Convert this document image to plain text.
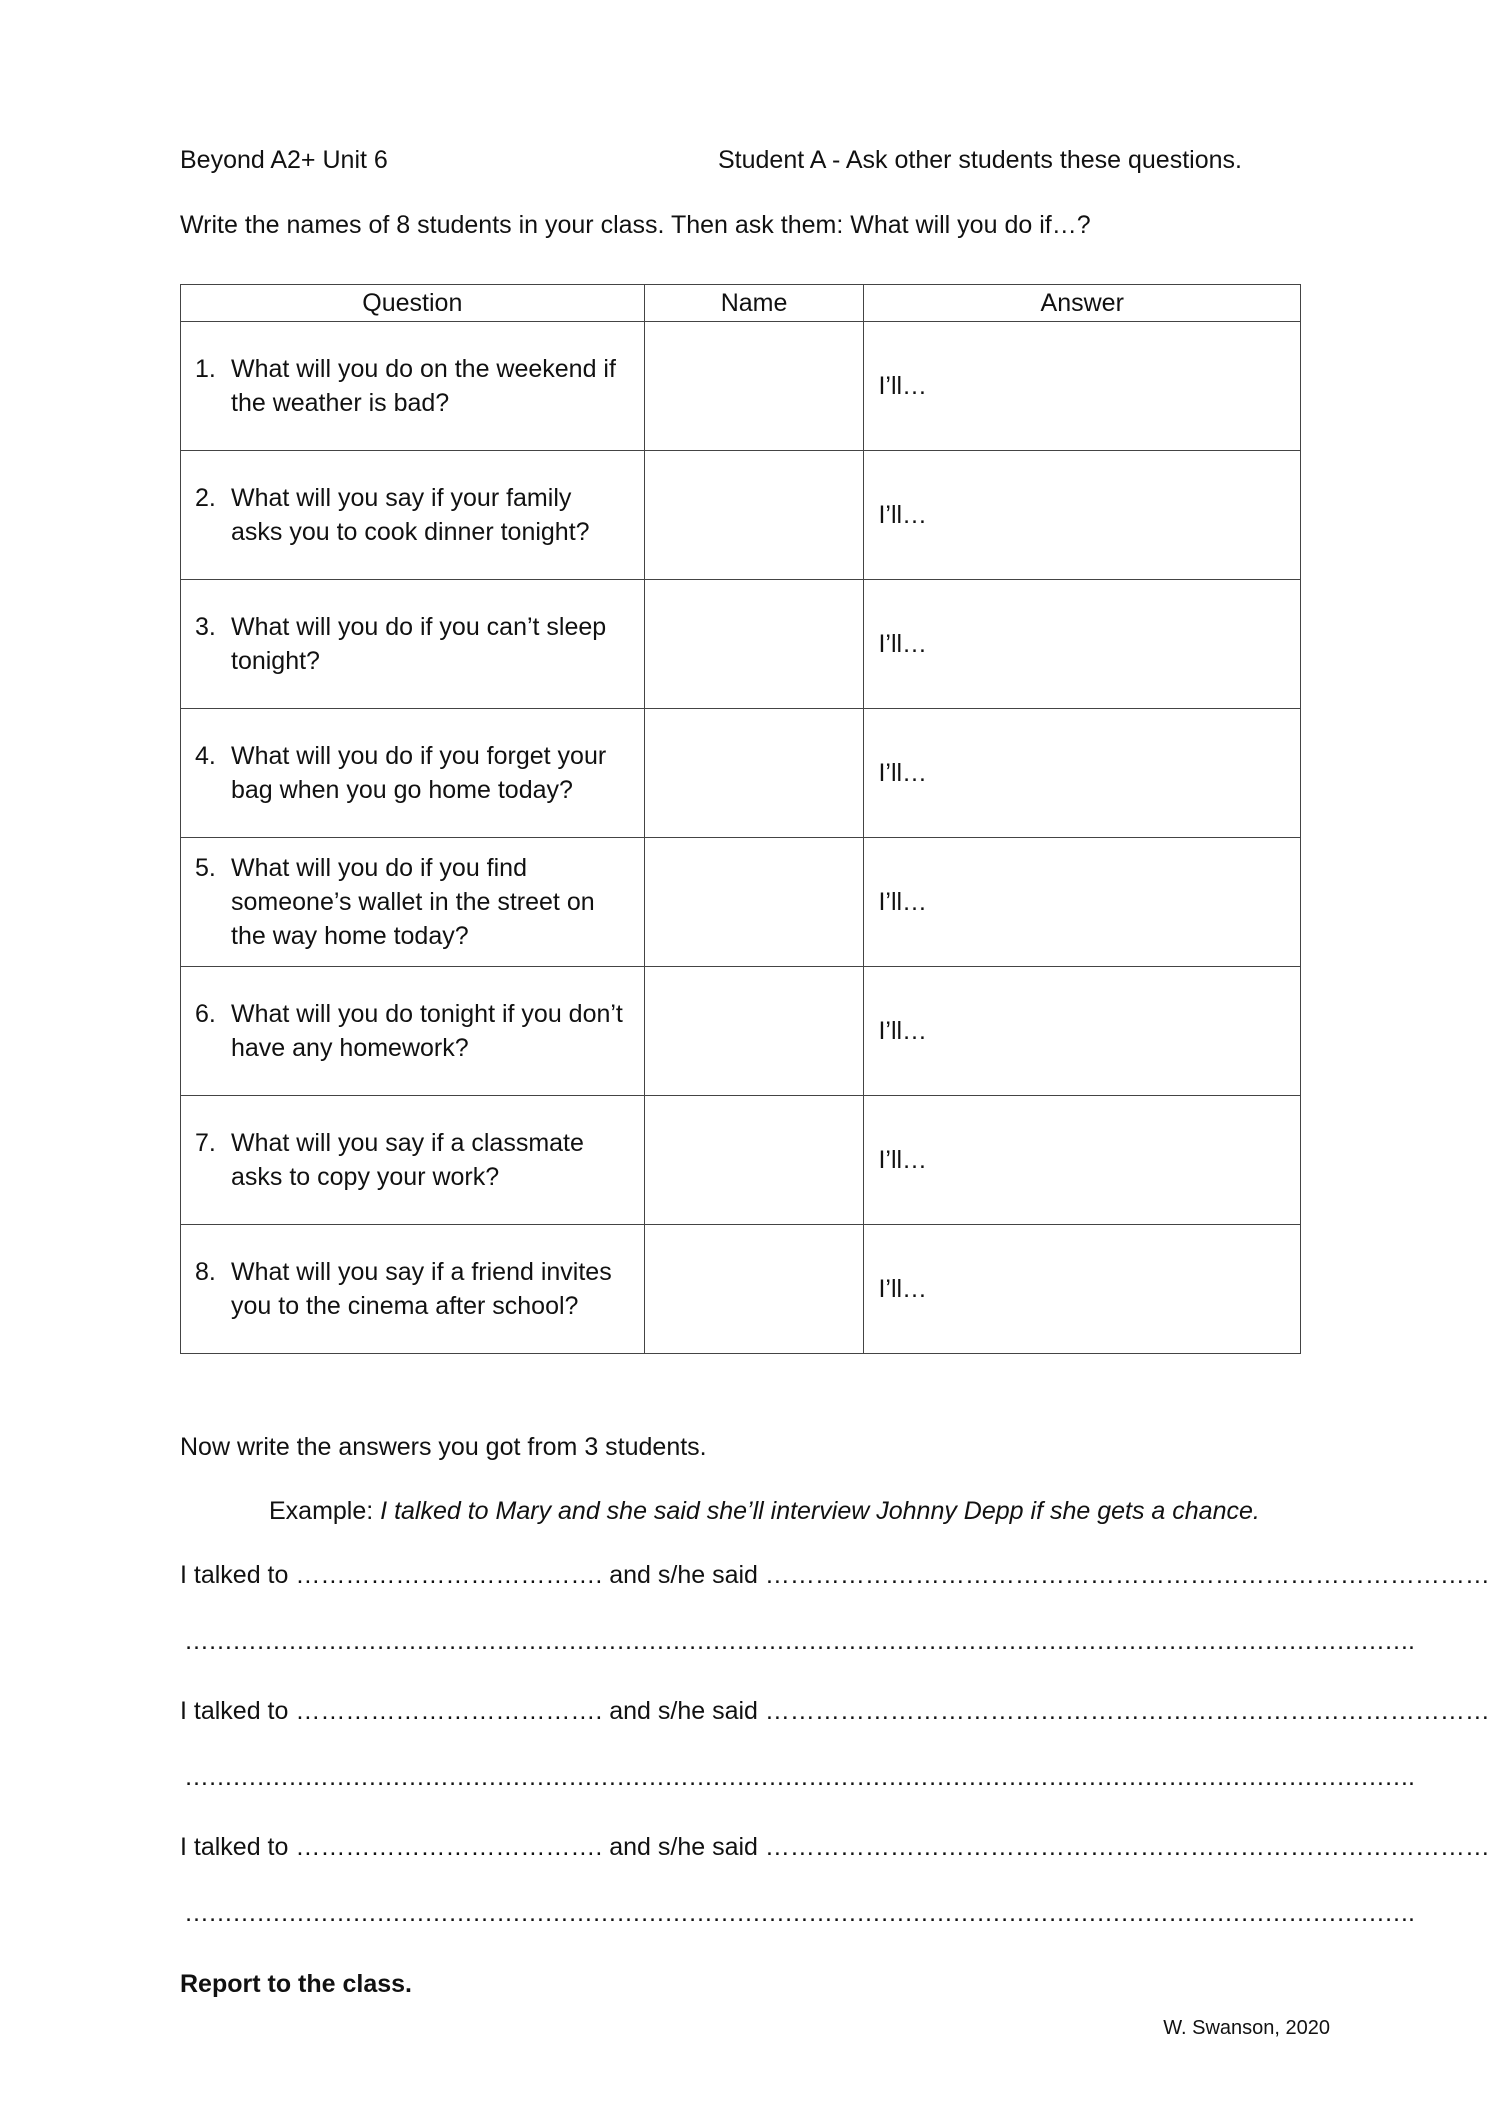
Beyond A2+ Unit 6	Student A - Ask other students these questions.
Write the names of 8 students in your class. Then ask them: What will you do if…?
Question	Name	Answer

1. What will you do on the weekend if the weather is bad?		I’ll…

2. What will you say if your family asks you to cook dinner tonight?		I’ll…

3. What will you do if you can’t sleep tonight?		I’ll…

4. What will you do if you forget your bag when you go home today?		I’ll…

5. What will you do if you find someone’s wallet in the street on the way home today?		I’ll…

6. What will you do tonight if you don’t have any homework?		I’ll…

7. What will you say if a classmate asks to copy your work?		I’ll…

8. What will you say if a friend invites you to the cinema after school?		I’ll…
Now write the answers you got from 3 students.
Example: I talked to Mary and she said she’ll interview Johnny Depp if she gets a chance.
I talked to ………………………………. and s/he said ……………………………………………………………………………
……………………………………………………………………………………………………………………………………….
I talked to ………………………………. and s/he said ……………………………………………………………………………
……………………………………………………………………………………………………………………………………….
I talked to ………………………………. and s/he said ……………………………………………………………………………
……………………………………………………………………………………………………………………………………….
Report to the class.
W. Swanson, 2020
